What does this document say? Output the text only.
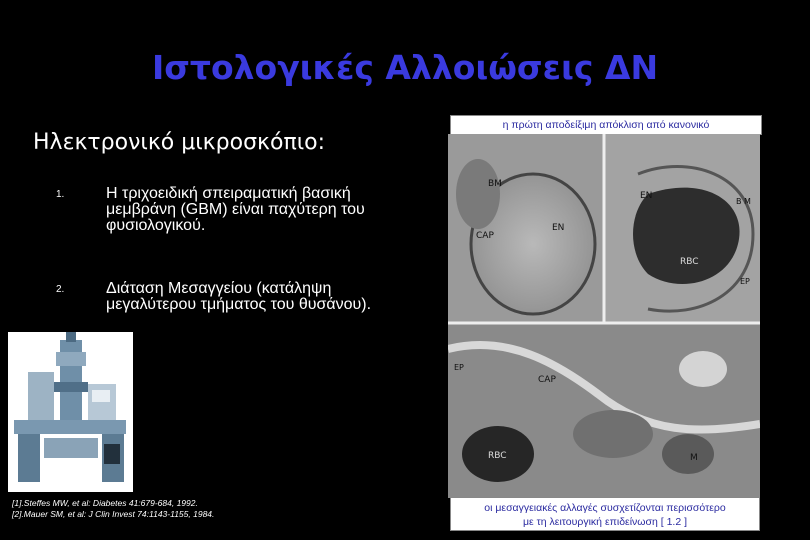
Ιστολογικές Αλλοιώσεις ΔΝ
Ηλεκτρονικό μικροσκόπιο:
1.	Η τριχοειδική σπειραματική βασική μεμβράνη (GBM) είναι παχύτερη του φυσιολογικού.
2.	Διάταση Μεσαγγείου (κατάληψη μεγαλύτερου τμήματος του θυσάνου).
[1].Steffes MW, et al: Diabetes 41:679-684, 1992.
[2].Mauer SM, et al: J Clin Invest 74:1143-1155, 1984.
η πρώτη αποδείξιμη απόκλιση από κανονικό
BM
CAP
EN
EN
B M
RBC
EP
EP
CAP
RBC	M
οι μεσαγγειακές αλλαγές συσχετίζονται περισσότερο
με τη λειτουργική επιδείνωση [ 1.2 ]
